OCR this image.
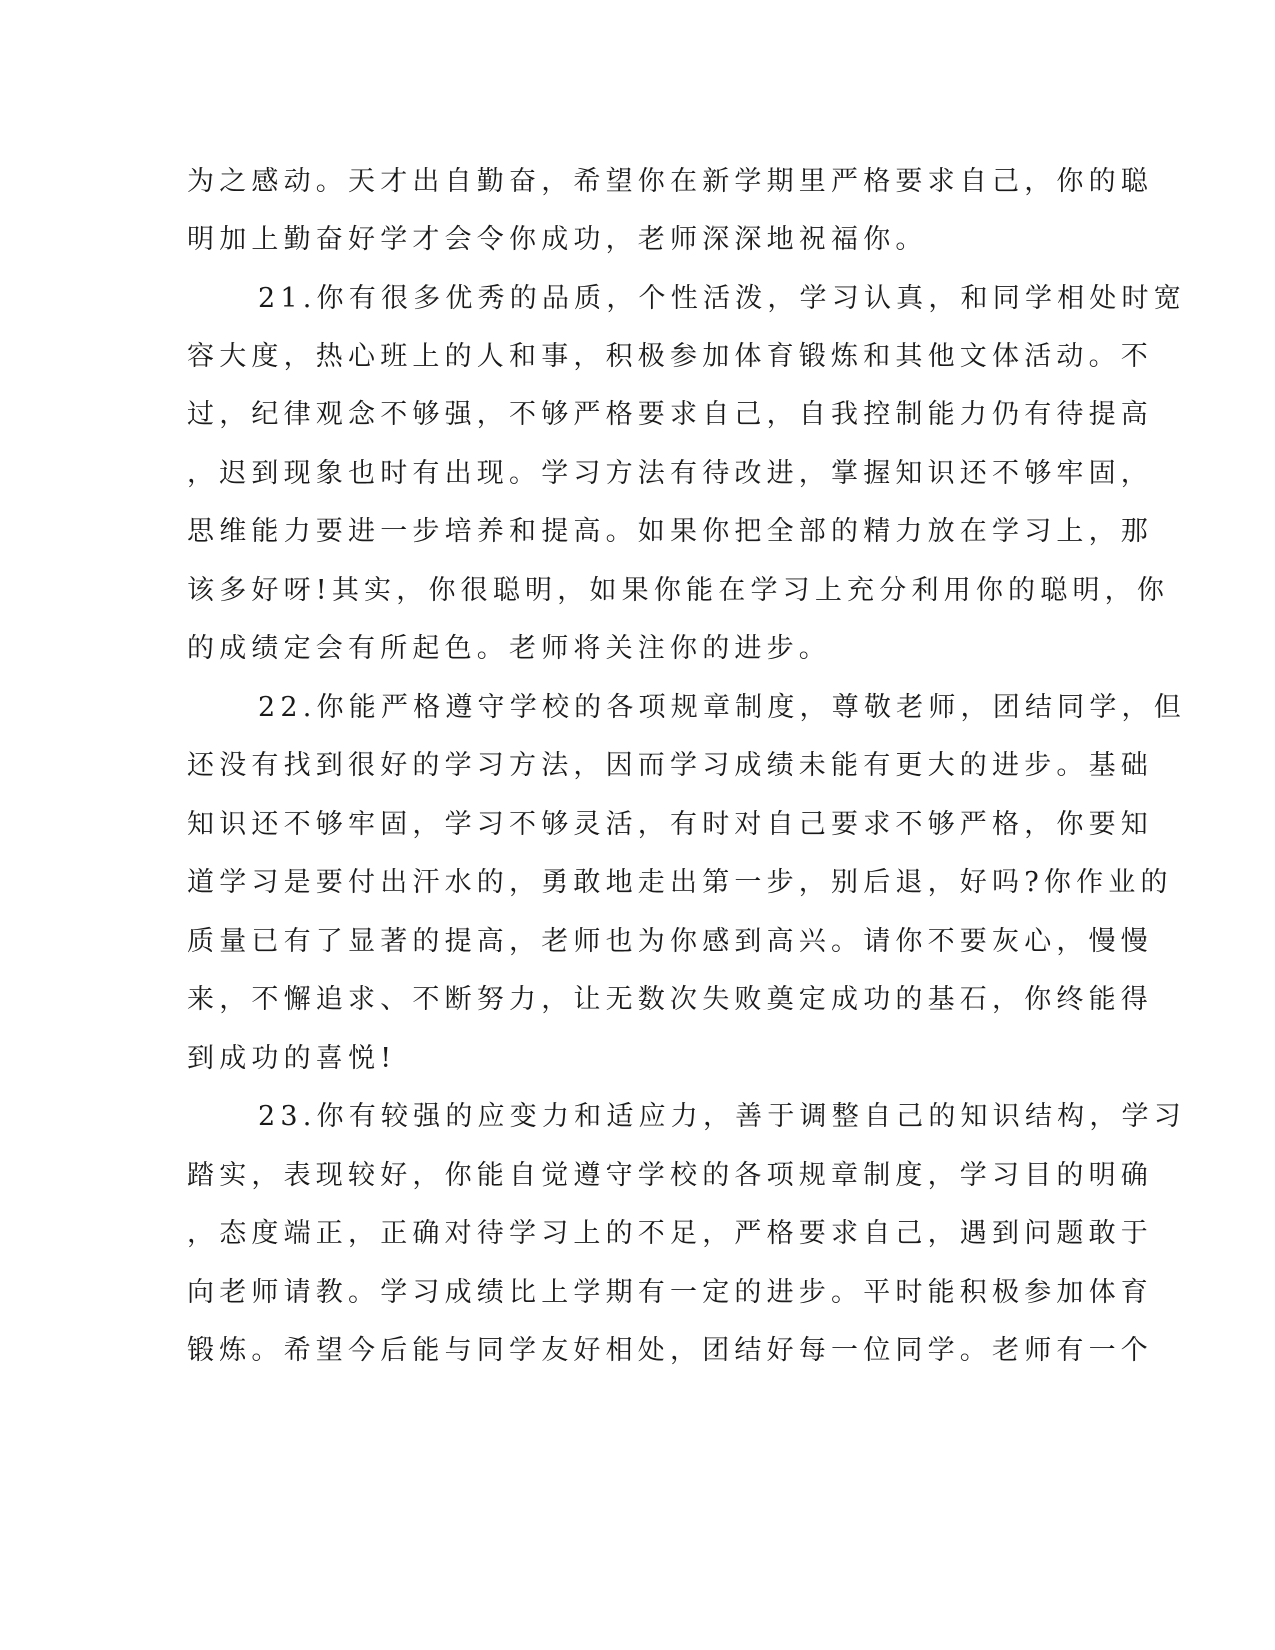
为之感动。天才出自勤奋，希望你在新学期里严格要求自己，你的聪
明加上勤奋好学才会令你成功，老师深深地祝福你。
21.你有很多优秀的品质，个性活泼，学习认真，和同学相处时宽
容大度，热心班上的人和事，积极参加体育锻炼和其他文体活动。不
过，纪律观念不够强，不够严格要求自己，自我控制能力仍有待提高
，迟到现象也时有出现。学习方法有待改进，掌握知识还不够牢固，
思维能力要进一步培养和提高。如果你把全部的精力放在学习上，那
该多好呀!其实，你很聪明，如果你能在学习上充分利用你的聪明，你
的成绩定会有所起色。老师将关注你的进步。
22.你能严格遵守学校的各项规章制度，尊敬老师，团结同学，但
还没有找到很好的学习方法，因而学习成绩未能有更大的进步。基础
知识还不够牢固，学习不够灵活，有时对自己要求不够严格，你要知
道学习是要付出汗水的，勇敢地走出第一步，别后退，好吗?你作业的
质量已有了显著的提高，老师也为你感到高兴。请你不要灰心，慢慢
来，不懈追求、不断努力，让无数次失败奠定成功的基石，你终能得
到成功的喜悦!
23.你有较强的应变力和适应力，善于调整自己的知识结构，学习
踏实，表现较好，你能自觉遵守学校的各项规章制度，学习目的明确
，态度端正，正确对待学习上的不足，严格要求自己，遇到问题敢于
向老师请教。学习成绩比上学期有一定的进步。平时能积极参加体育
锻炼。希望今后能与同学友好相处，团结好每一位同学。老师有一个
